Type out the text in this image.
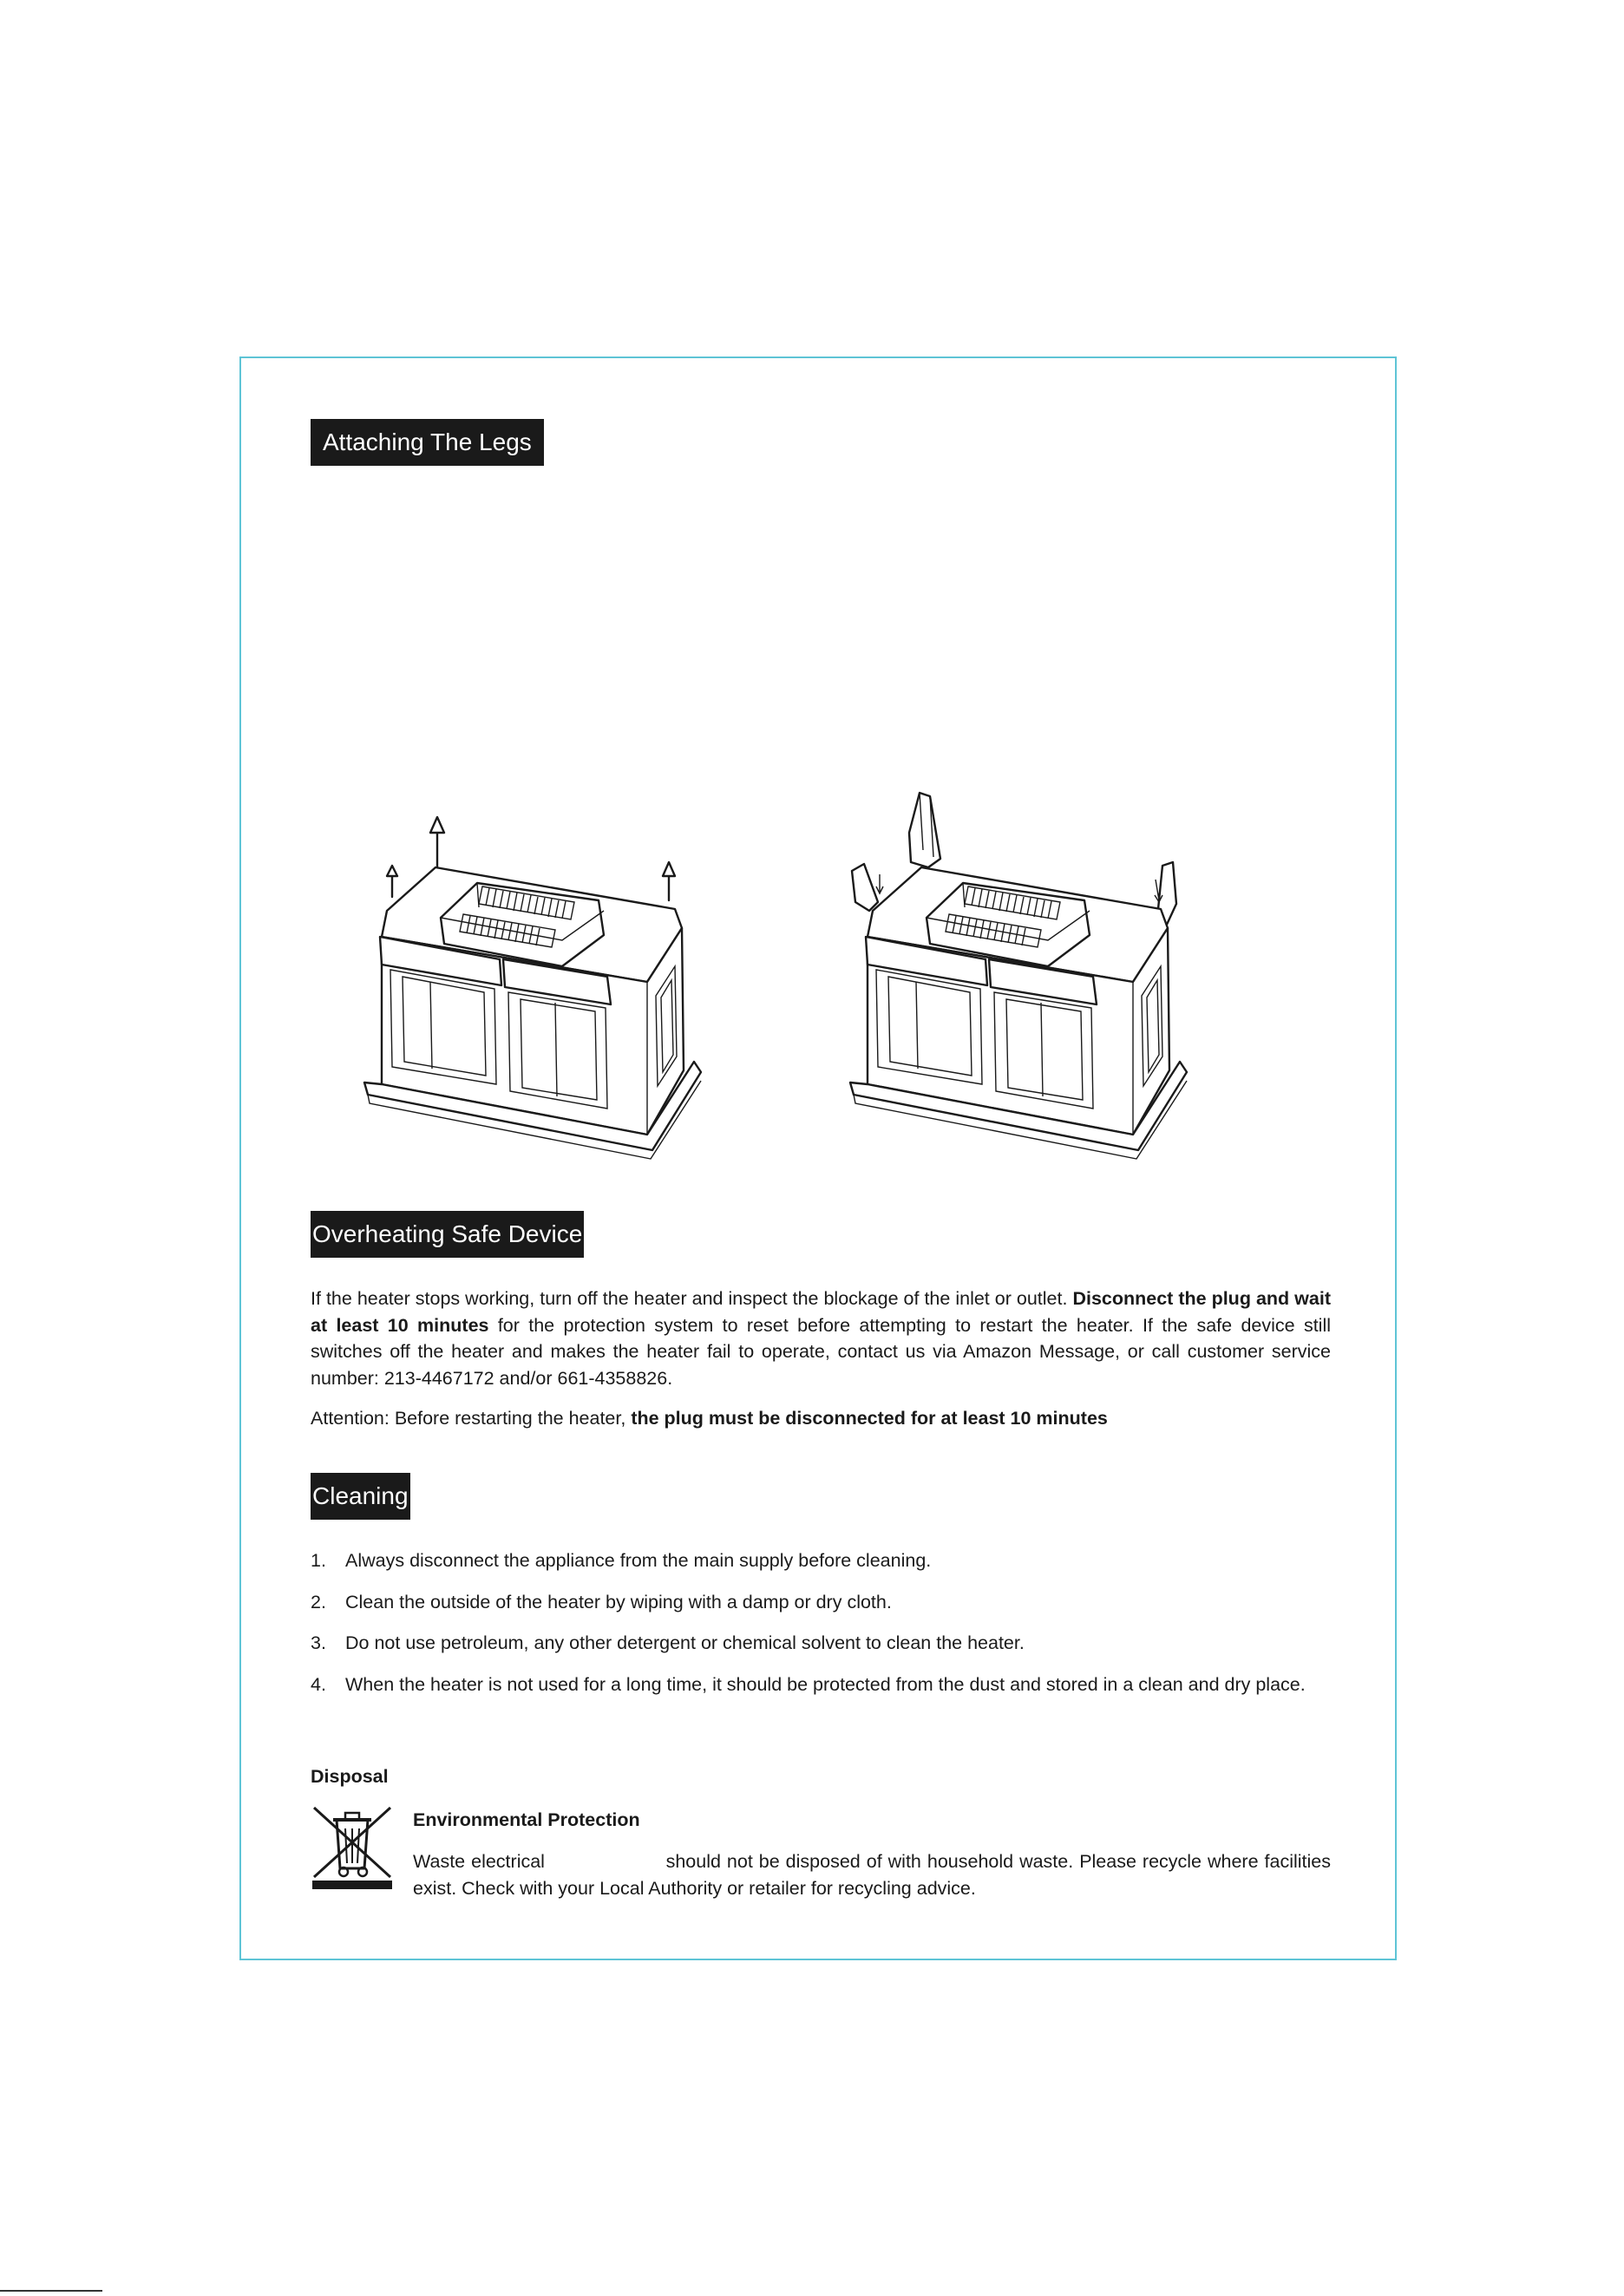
Attaching The Legs
Overheating Safe Device

If the heater stops working, turn off the heater and inspect the blockage of the inlet or outlet. Disconnect the plug and wait at least 10 minutes for the protection system to reset before attempting to restart the heater. If the safe device still switches off the heater and makes the heater fail to operate, contact us via Amazon Message, or call customer service number: 213-4467172 and/or 661-4358826.

Attention: Before restarting the heater, the plug must be disconnected for at least 10 minutes

Cleaning
1. Always disconnect the appliance from the main supply before cleaning.
2. Clean the outside of the heater by wiping with a damp or dry cloth.
3. Do not use petroleum, any other detergent or chemical solvent to clean the heater.
4. When the heater is not used for a long time, it should be protected from the dust and stored in a clean and dry place.
Disposal
Environmental Protection

Waste electrical                    should not be disposed of with household waste. Please recycle where facilities exist. Check with your Local Authority or retailer for recycling advice.
